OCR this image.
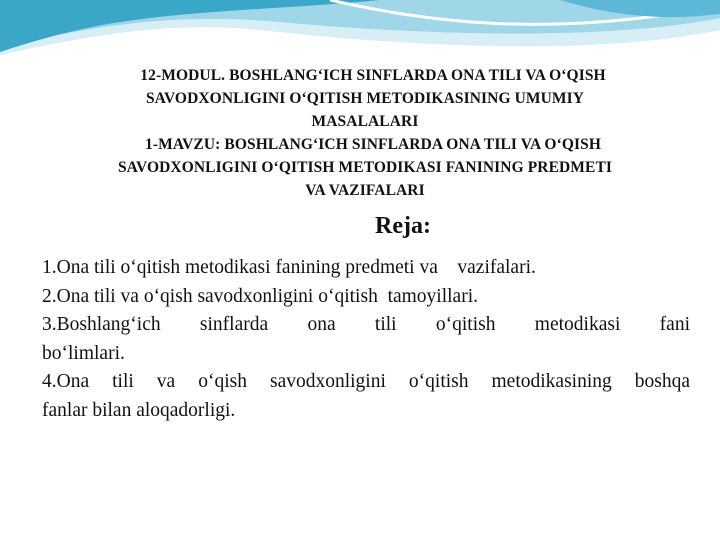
12-MODUL. BOSHLANG‘ICH SINFLARDA ONA TILI VA O‘QISH
SAVODXONLIGINI O‘QITISH METODIKASINING UMUMIY
MASALALARI
1-MAVZU: BOSHLANG‘ICH SINFLARDA ONA TILI VA O‘QISH
SAVODXONLIGINI O‘QITISH METODIKASI FANINING PREDMETI
VA VAZIFALARI
Reja:

1.Ona tili o‘qitish metodikasi fanining predmeti va    vazifalari.

2.Ona tili va o‘qish savodxonligini o‘qitish  tamoyillari.

3.Boshlang‘ich sinflarda ona tili o‘qitish metodikasi fani

bo‘limlari.

4.Ona tili va o‘qish savodxonligini o‘qitish metodikasining boshqa

fanlar bilan aloqadorligi.
